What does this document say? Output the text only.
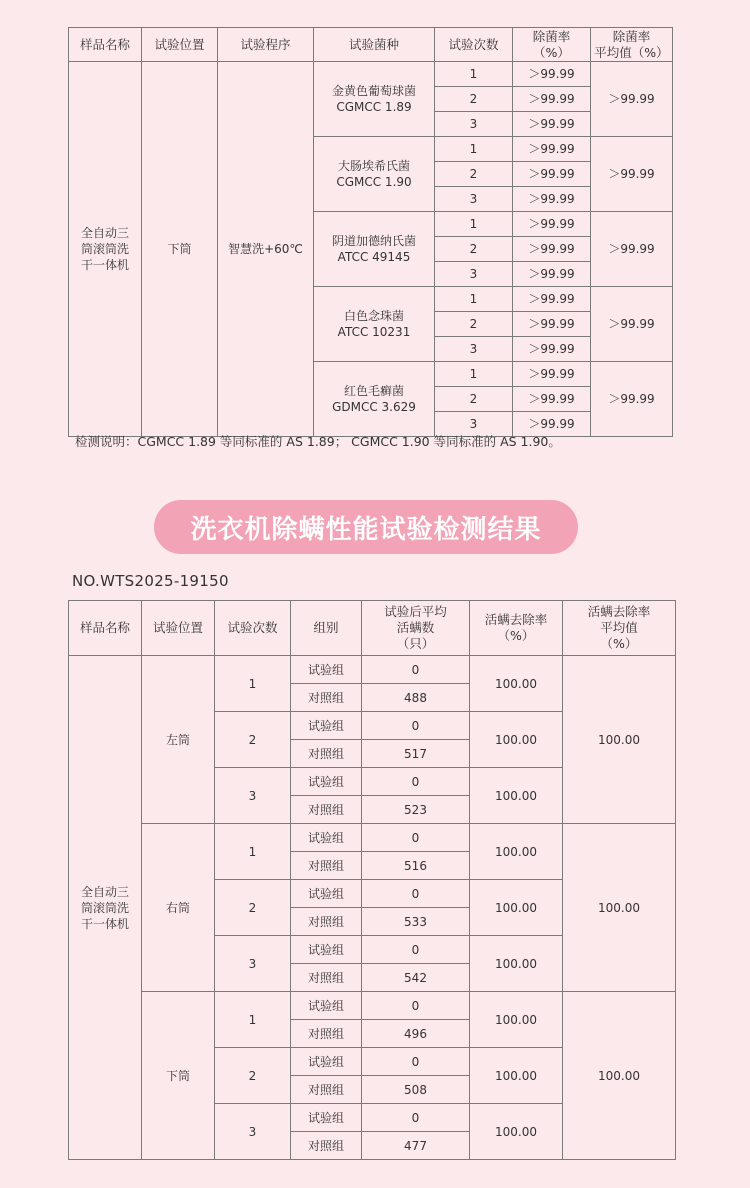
样品名称	试验位置	试验程序	试验菌种	试验次数	除菌率
（%）	除菌率
平均值（%）
全自动三
筒滚筒洗
干一体机	下筒	智慧洗+60℃	金黄色葡萄球菌
CGMCC 1.89	1	＞99.99	＞99.99
				2	＞99.99	
				3	＞99.99	
			大肠埃希氏菌
CGMCC 1.90	1	＞99.99	＞99.99
				2	＞99.99	
				3	＞99.99	
			阴道加德纳氏菌
ATCC 49145	1	＞99.99	＞99.99
				2	＞99.99	
				3	＞99.99	
			白色念珠菌
ATCC 10231	1	＞99.99	＞99.99
				2	＞99.99	
				3	＞99.99	
			红色毛癣菌
GDMCC 3.629	1	＞99.99	＞99.99
				2	＞99.99	
				3	＞99.99	
检测说明：CGMCC 1.89 等同标准的 AS 1.89； CGMCC 1.90 等同标准的 AS 1.90。
洗衣机除螨性能试验检测结果
NO.WTS2025-19150
样品名称	试验位置	试验次数	组别	试验后平均
活螨数
（只）	活螨去除率
（%）	活螨去除率
平均值
（%）
全自动三
筒滚筒洗
干一体机	左筒	1	试验组	0	100.00	100.00
			对照组	488		
		2	试验组	0	100.00	
			对照组	517		
		3	试验组	0	100.00	
			对照组	523		
	右筒	1	试验组	0	100.00	100.00
			对照组	516		
		2	试验组	0	100.00	
			对照组	533		
		3	试验组	0	100.00	
			对照组	542		
	下筒	1	试验组	0	100.00	100.00
			对照组	496		
		2	试验组	0	100.00	
			对照组	508		
		3	试验组	0	100.00	
			对照组	477		
